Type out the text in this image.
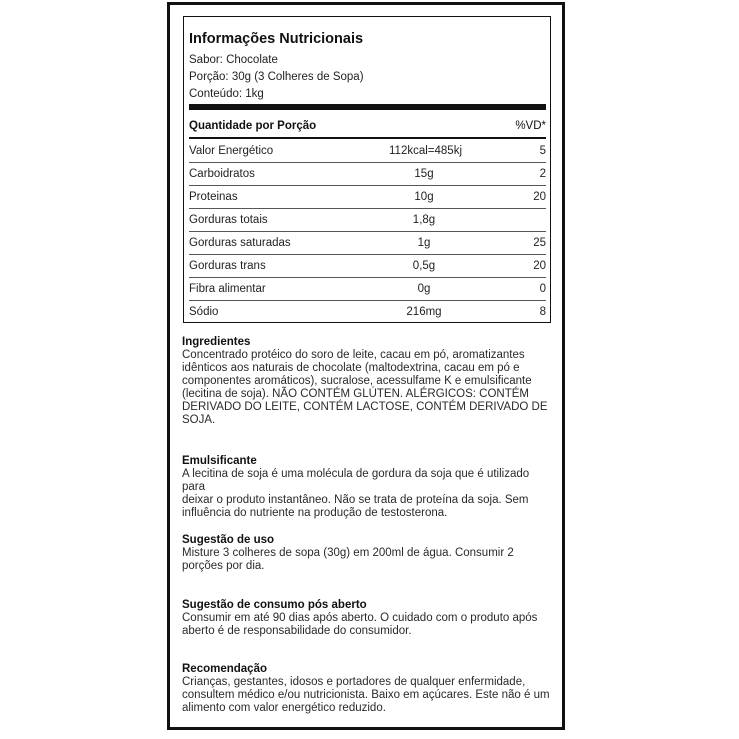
Informações Nutricionais
Sabor: Chocolate
Porção: 30g (3 Colheres de Sopa)
Conteúdo: 1kg
Quantidade por Porção	%VD*
Valor Energético	112kcal=485kj	5
Carboidratos	15g	2
Proteinas	10g	20
Gorduras totais	1,8g
Gorduras saturadas	1g	25
Gorduras trans	0,5g	20
Fibra alimentar	0g	0
Sódio	216mg	8
Ingredientes
Concentrado protéico do soro de leite, cacau em pó, aromatizantes
idênticos aos naturais de chocolate (maltodextrina, cacau em pó e
componentes aromáticos), sucralose, acessulfame K e emulsificante
(lecitina de soja). NÃO CONTÉM GLÚTEN. ALÉRGICOS: CONTÉM
DERIVADO DO LEITE, CONTÉM LACTOSE, CONTÉM DERIVADO DE
SOJA.
Emulsificante
A lecitina de soja é uma molécula de gordura da soja que é utilizado para
deixar o produto instantâneo. Não se trata de proteína da soja. Sem
influência do nutriente na produção de testosterona.
Sugestão de uso
Misture 3 colheres de sopa (30g) em 200ml de água. Consumir 2
porções por dia.
Sugestão de consumo pós aberto
Consumir em até 90 dias após aberto. O cuidado com o produto após
aberto é de responsabilidade do consumidor.
Recomendação
Crianças, gestantes, idosos e portadores de qualquer enfermidade,
consultem médico e/ou nutricionista. Baixo em açúcares. Este não é um
alimento com valor energético reduzido.
